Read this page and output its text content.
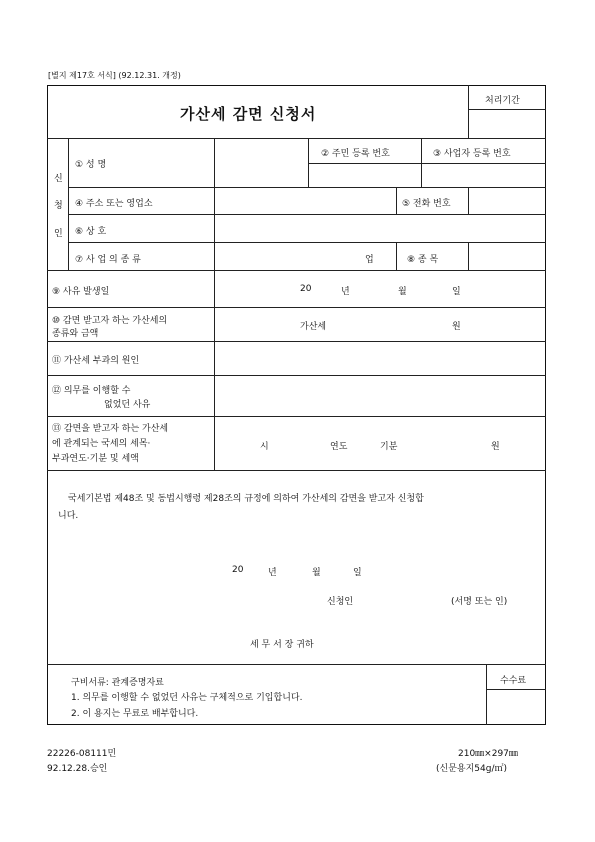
[별지 제17호 서식] (92.12.31. 개정)
가산세 감면 신청서
처리기간
신
청
인
① 성 명
② 주민 등록 번호	③ 사업자 등록 번호
④ 주소 또는 영업소	⑤ 전화 번호
⑥ 상 호
⑦ 사 업 의 종 류	업	⑧ 종 목
⑨ 사유 발생일	20	년	월	일
⑩ 감면 받고자 하는 가산세의
종류와 금액
가산세	원
⑪ 가산세 부과의 원인
⑫ 의무를 이행할 수
없었던 사유
⑬ 감면을 받고자 하는 가산세
에 관계되는 국세의 세목·
부과연도·기분 및 세액
시	연도	기분	원
국세기본법 제48조 및 동법시행령 제28조의 규정에 의하여 가산세의 감면을 받고자 신청합
니다.
20	년	월	일
신청인	(서명 또는 인)
세 무 서 장 귀하
구비서류: 관계증명자료
1. 의무를 이행할 수 없었던 사유는 구체적으로 기입합니다.
2. 이 용지는 무료로 배부합니다.
수수료
22226-08111민
92.12.28.승인
210㎜×297㎜
(신문용지54g/㎡)
